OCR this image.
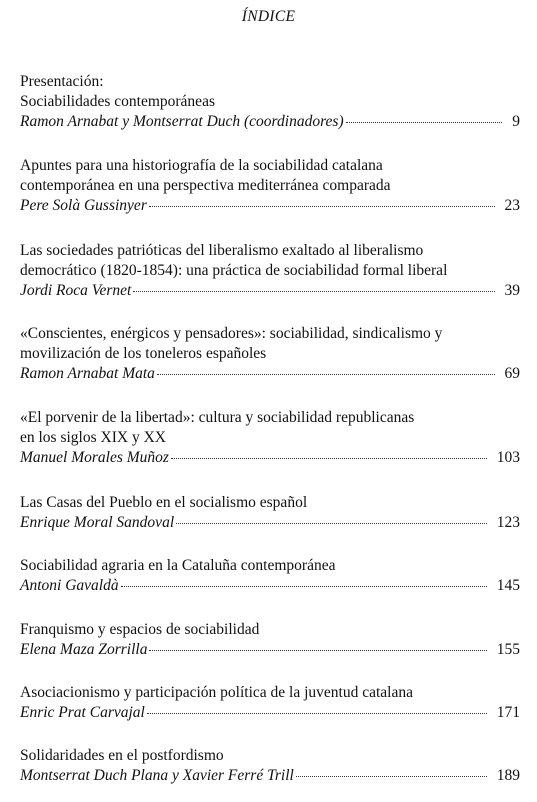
ÍNDICE
Presentación:
Sociabilidades contemporáneas
Ramon Arnabat y Montserrat Duch (coordinadores)	9
Apuntes para una historiografía de la sociabilidad catalana
contemporánea en una perspectiva mediterránea comparada
Pere Solà Gussinyer	23
Las sociedades patrióticas del liberalismo exaltado al liberalismo
democrático (1820-1854): una práctica de sociabilidad formal liberal
Jordi Roca Vernet	39
«Conscientes, enérgicos y pensadores»: sociabilidad, sindicalismo y
movilización de los toneleros españoles
Ramon Arnabat Mata	69
«El porvenir de la libertad»: cultura y sociabilidad republicanas
en los siglos XIX y XX
Manuel Morales Muñoz	103
Las Casas del Pueblo en el socialismo español
Enrique Moral Sandoval	123
Sociabilidad agraria en la Cataluña contemporánea
Antoni Gavaldà	145
Franquismo y espacios de sociabilidad
Elena Maza Zorrilla	155
Asociacionismo y participación política de la juventud catalana
Enric Prat Carvajal	171
Solidaridades en el postfordismo
Montserrat Duch Plana y Xavier Ferré Trill	189
